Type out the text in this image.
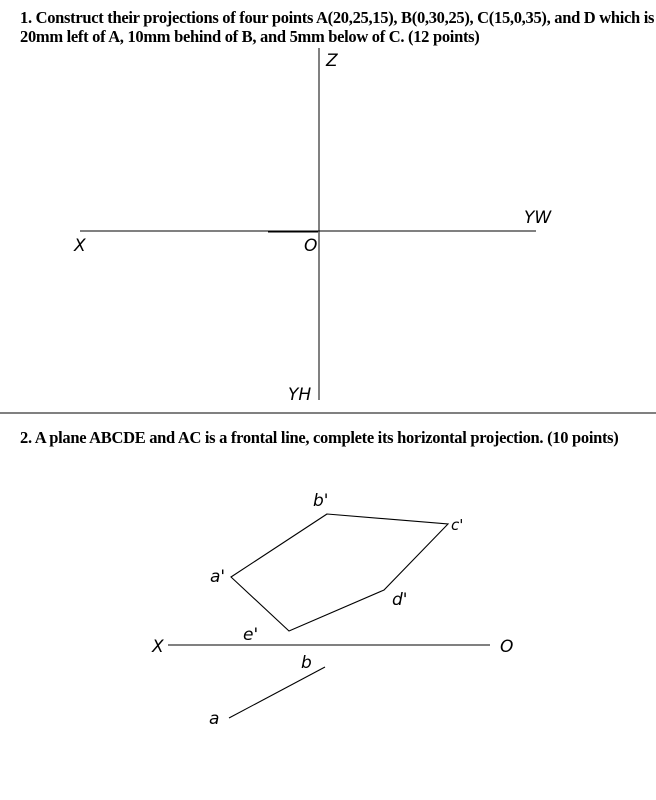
1. Construct their projections of four points A(20,25,15), B(0,30,25), C(15,0,35), and D which is 20mm left of A, 10mm behind of B, and 5mm below of C. (12 points)
2. A plane ABCDE and AC is a frontal line, complete its horizontal projection. (10 points)
Z
YW
X	O
YH
b'
c'
a'
d'
e'
X	O
b
a
